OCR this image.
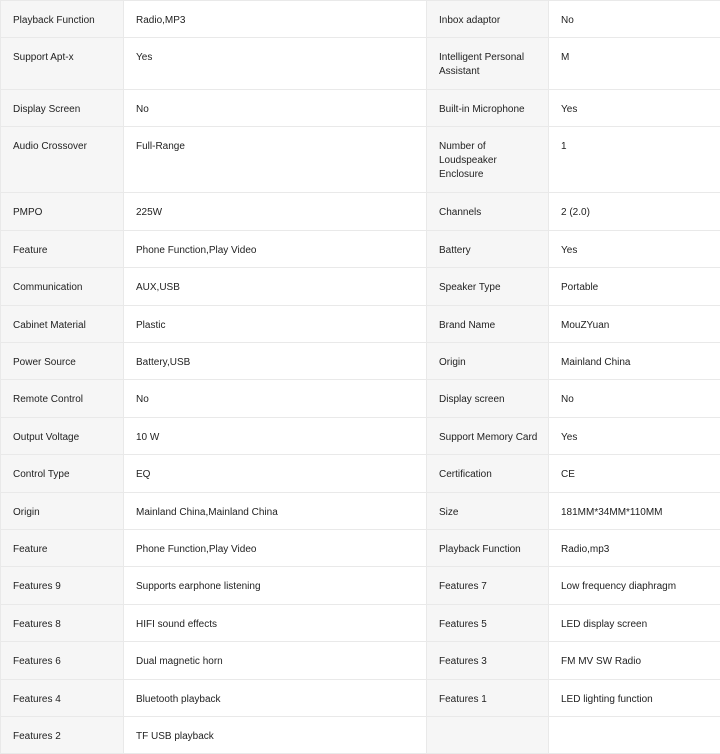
Playback Function	Radio,MP3	Inbox adaptor	No
Support Apt-x	Yes	Intelligent Personal Assistant	M
Display Screen	No	Built-in Microphone	Yes
Audio Crossover	Full-Range	Number of Loudspeaker Enclosure	1
PMPO	225W	Channels	2 (2.0)
Feature	Phone Function,Play Video	Battery	Yes
Communication	AUX,USB	Speaker Type	Portable
Cabinet Material	Plastic	Brand Name	MouZYuan
Power Source	Battery,USB	Origin	Mainland China
Remote Control	No	Display screen	No
Output Voltage	10 W	Support Memory Card	Yes
Control Type	EQ	Certification	CE
Origin	Mainland China,Mainland China	Size	181MM*34MM*110MM
Feature	Phone Function,Play Video	Playback Function	Radio,mp3
Features 9	Supports earphone listening	Features 7	Low frequency diaphragm
Features 8	HIFI sound effects	Features 5	LED display screen
Features 6	Dual magnetic horn	Features 3	FM MV SW Radio
Features 4	Bluetooth playback	Features 1	LED lighting function
Features 2	TF USB playback		
